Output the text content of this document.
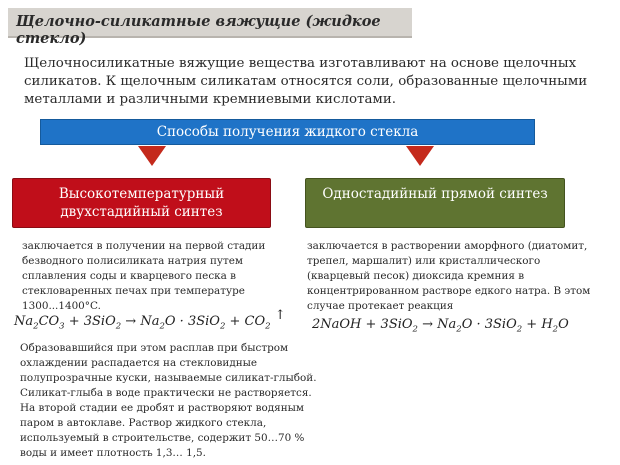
Щелочно-силикатные вяжущие (жидкое стекло)
Щелочносиликатные вяжущие вещества изготавливают на основе щелочных силикатов. К щелочным силикатам относятся соли, образованные щелочными металлами и различными кремниевыми кислотами.
Способы получения жидкого стекла
Высокотемпературный двухстадийный синтез
Одностадийный прямой синтез
заключается в получении на первой стадии безводного полисиликата натрия путем сплавления соды и кварцевого песка в стекловаренных печах при температуре 1300...1400°C.
заключается в растворении аморфного (диатомит, трепел, маршалит) или кристаллического (кварцевый песок) диоксида кремния в концентрированном растворе едкого натра. В этом случае протекает реакция
$Na_2CO_3 + 3SiO_2 \to Na_2O \cdot 3SiO_2 + CO_2$ ↑
2NaOH + $3SiO_2 \to Na_2O \cdot 3SiO_2 + H_2O$
Образовавшийся при этом расплав при быстром охлаждении распадается на стекловидные полупрозрачные куски, называемые силикат-глыбой. Силикат-глыба в воде практически не растворяется. На второй стадии ее дробят и растворяют водяным паром в автоклаве. Раствор жидкого стекла, используемый в строительстве, содержит 50…70 % воды и имеет плотность 1,3… 1,5.
